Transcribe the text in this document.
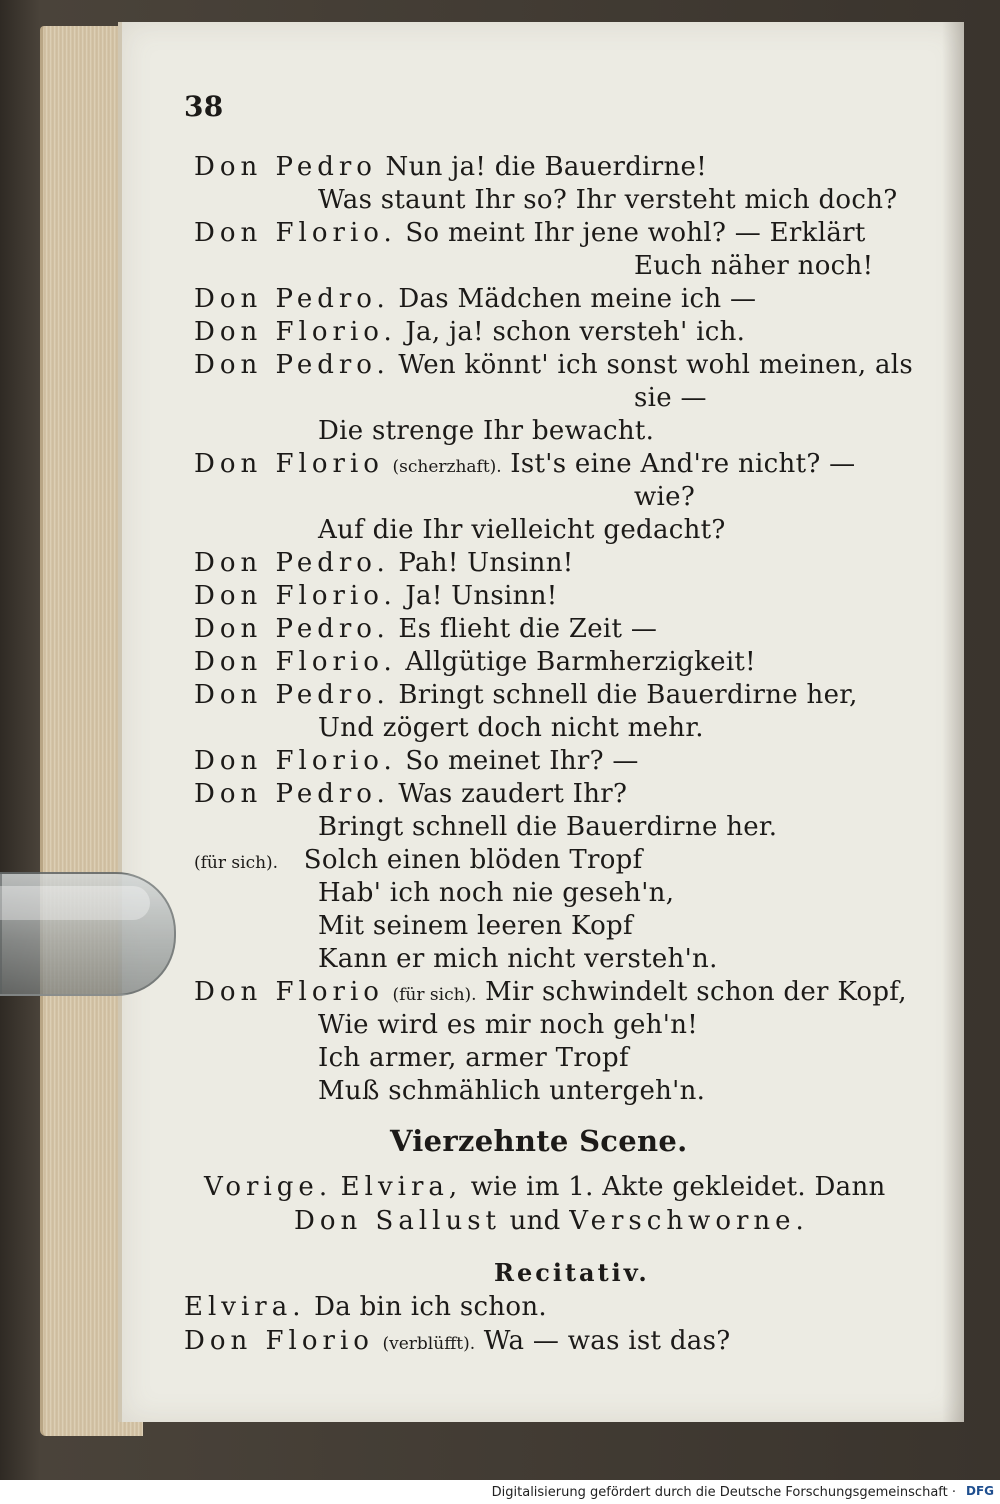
38
Don Pedro Nun ja! die Bauerdirne!
Was staunt Ihr so? Ihr versteht mich doch?
Don Florio. So meint Ihr jene wohl? — Erklärt
Euch näher noch!
Don Pedro. Das Mädchen meine ich —
Don Florio. Ja, ja! schon versteh' ich.
Don Pedro. Wen könnt' ich sonst wohl meinen, als
sie —
Die strenge Ihr bewacht.
Don Florio (scherzhaft). Ist's eine And're nicht? —
wie?
Auf die Ihr vielleicht gedacht?
Don Pedro. Pah! Unsinn!
Don Florio. Ja! Unsinn!
Don Pedro. Es flieht die Zeit —
Don Florio. Allgütige Barmherzigkeit!
Don Pedro. Bringt schnell die Bauerdirne her,
Und zögert doch nicht mehr.
Don Florio. So meinet Ihr? —
Don Pedro. Was zaudert Ihr?
Bringt schnell die Bauerdirne her.
(für sich). Solch einen blöden Tropf
Hab' ich noch nie geseh'n,
Mit seinem leeren Kopf
Kann er mich nicht versteh'n.
Don Florio (für sich). Mir schwindelt schon der Kopf,
Wie wird es mir noch geh'n!
Ich armer, armer Tropf
Muß schmählich untergeh'n.
Vierzehnte Scene.
Vorige. Elvira, wie im 1. Akte gekleidet. Dann
Don Sallust und Verschworne.
Recitativ.
Elvira. Da bin ich schon.
Don Florio (verblüfft). Wa — was ist das?
Digitalisierung gefördert durch die Deutsche Forschungsgemeinschaft · DFG
